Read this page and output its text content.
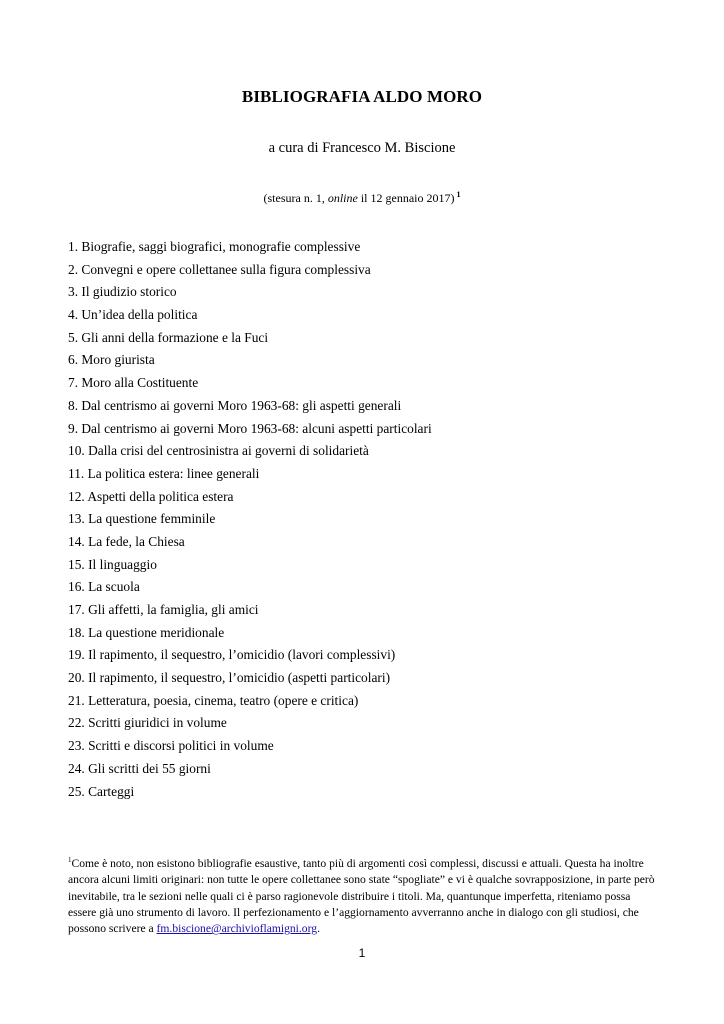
BIBLIOGRAFIA ALDO MORO
a cura di Francesco M. Biscione
(stesura n. 1, online il 12 gennaio 2017) $^1$
1. Biografie, saggi biografici, monografie complessive
2. Convegni e opere collettanee sulla figura complessiva
3. Il giudizio storico
4. Un’idea della politica
5. Gli anni della formazione e la Fuci
6. Moro giurista
7. Moro alla Costituente
8. Dal centrismo ai governi Moro 1963-68: gli aspetti generali
9. Dal centrismo ai governi Moro 1963-68: alcuni aspetti particolari
10. Dalla crisi del centrosinistra ai governi di solidarietà
11. La politica estera: linee generali
12. Aspetti della politica estera
13. La questione femminile
14. La fede, la Chiesa
15. Il linguaggio
16. La scuola
17. Gli affetti, la famiglia, gli amici
18. La questione meridionale
19. Il rapimento, il sequestro, l’omicidio (lavori complessivi)
20. Il rapimento, il sequestro, l’omicidio (aspetti particolari)
21. Letteratura, poesia, cinema, teatro (opere e critica)
22. Scritti giuridici in volume
23. Scritti e discorsi politici in volume
24. Gli scritti dei 55 giorni
25. Carteggi
$^1$Come è noto, non esistono bibliografie esaustive, tanto più di argomenti così complessi, discussi e attuali. Questa ha inoltre ancora alcuni limiti originari: non tutte le opere collettanee sono state “spogliate” e vi è qualche sovrapposizione, in parte però inevitabile, tra le sezioni nelle quali ci è parso ragionevole distribuire i titoli. Ma, quantunque imperfetta, riteniamo possa essere già uno strumento di lavoro. Il perfezionamento e l’aggiornamento avverranno anche in dialogo con gli studiosi, che possono scrivere a fm.biscione@archivioflamigni.org.
1
